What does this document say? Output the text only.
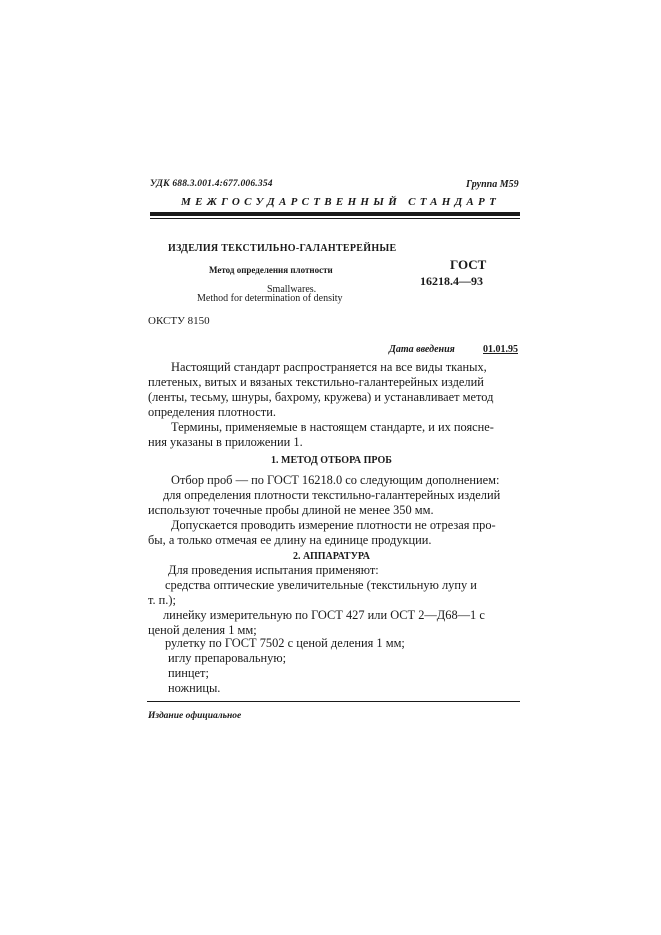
УДК 688.3.001.4:677.006.354	Группа М59
МЕЖГОСУДАРСТВЕННЫЙ СТАНДАРТ
ИЗДЕЛИЯ ТЕКСТИЛЬНО-ГАЛАНТЕРЕЙНЫЕ
Метод определения плотности
Smallwares.
Method for determination of density
ГОСТ
16218.4—93
ОКСТУ 8150
Дата введения	01.01.95
Настоящий стандарт распространяется на все виды тканых,
плетеных, витых и вязаных текстильно-галантерейных изделий
(ленты, тесьму, шнуры, бахрому, кружева) и устанавливает метод
определения плотности.
Термины, применяемые в настоящем стандарте, и их поясне-
ния указаны в приложении 1.
1. МЕТОД ОТБОРА ПРОБ
Отбор проб — по ГОСТ 16218.0 со следующим дополнением:
для определения плотности текстильно-галантерейных изделий
используют точечные пробы длиной не менее 350 мм.
Допускается проводить измерение плотности не отрезая про-
бы, а только отмечая ее длину на единице продукции.
2. АППАРАТУРА
Для проведения испытания применяют:
средства оптические увеличительные (текстильную лупу и
т. п.);
линейку измерительную по ГОСТ 427 или ОСТ 2—Д68—1 с
ценой деления 1 мм;
рулетку по ГОСТ 7502 с ценой деления 1 мм;
иглу препаровальную;
пинцет;
ножницы.
Издание официальное
